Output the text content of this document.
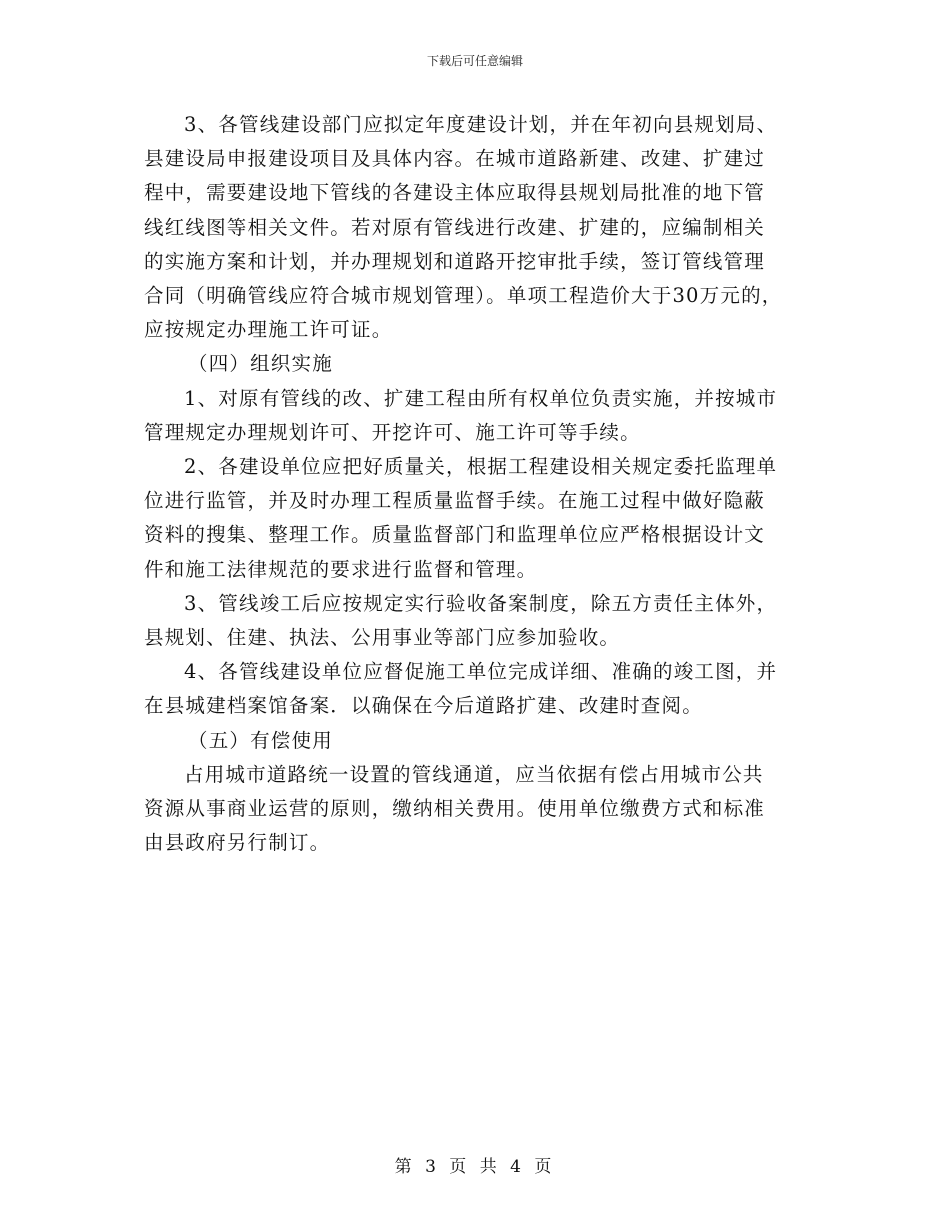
下载后可任意编辑
3、各管线建设部门应拟定年度建设计划，并在年初向县规划局、
县建设局申报建设项目及具体内容。在城市道路新建、改建、扩建过
程中，需要建设地下管线的各建设主体应取得县规划局批准的地下管
线红线图等相关文件。若对原有管线进行改建、扩建的，应编制相关
的实施方案和计划，并办理规划和道路开挖审批手续，签订管线管理
合同（明确管线应符合城市规划管理）。单项工程造价大于30万元的，
应按规定办理施工许可证。
（四）组织实施
1、对原有管线的改、扩建工程由所有权单位负责实施，并按城市
管理规定办理规划许可、开挖许可、施工许可等手续。
2、各建设单位应把好质量关，根据工程建设相关规定委托监理单
位进行监管，并及时办理工程质量监督手续。在施工过程中做好隐蔽
资料的搜集、整理工作。质量监督部门和监理单位应严格根据设计文
件和施工法律规范的要求进行监督和管理。
3、管线竣工后应按规定实行验收备案制度，除五方责任主体外，
县规划、住建、执法、公用事业等部门应参加验收。
4、各管线建设单位应督促施工单位完成详细、准确的竣工图，并
在县城建档案馆备案．以确保在今后道路扩建、改建时查阅。
（五）有偿使用
占用城市道路统一设置的管线通道，应当依据有偿占用城市公共
资源从事商业运营的原则，缴纳相关费用。使用单位缴费方式和标准
由县政府另行制订。
第 3 页 共 4 页
